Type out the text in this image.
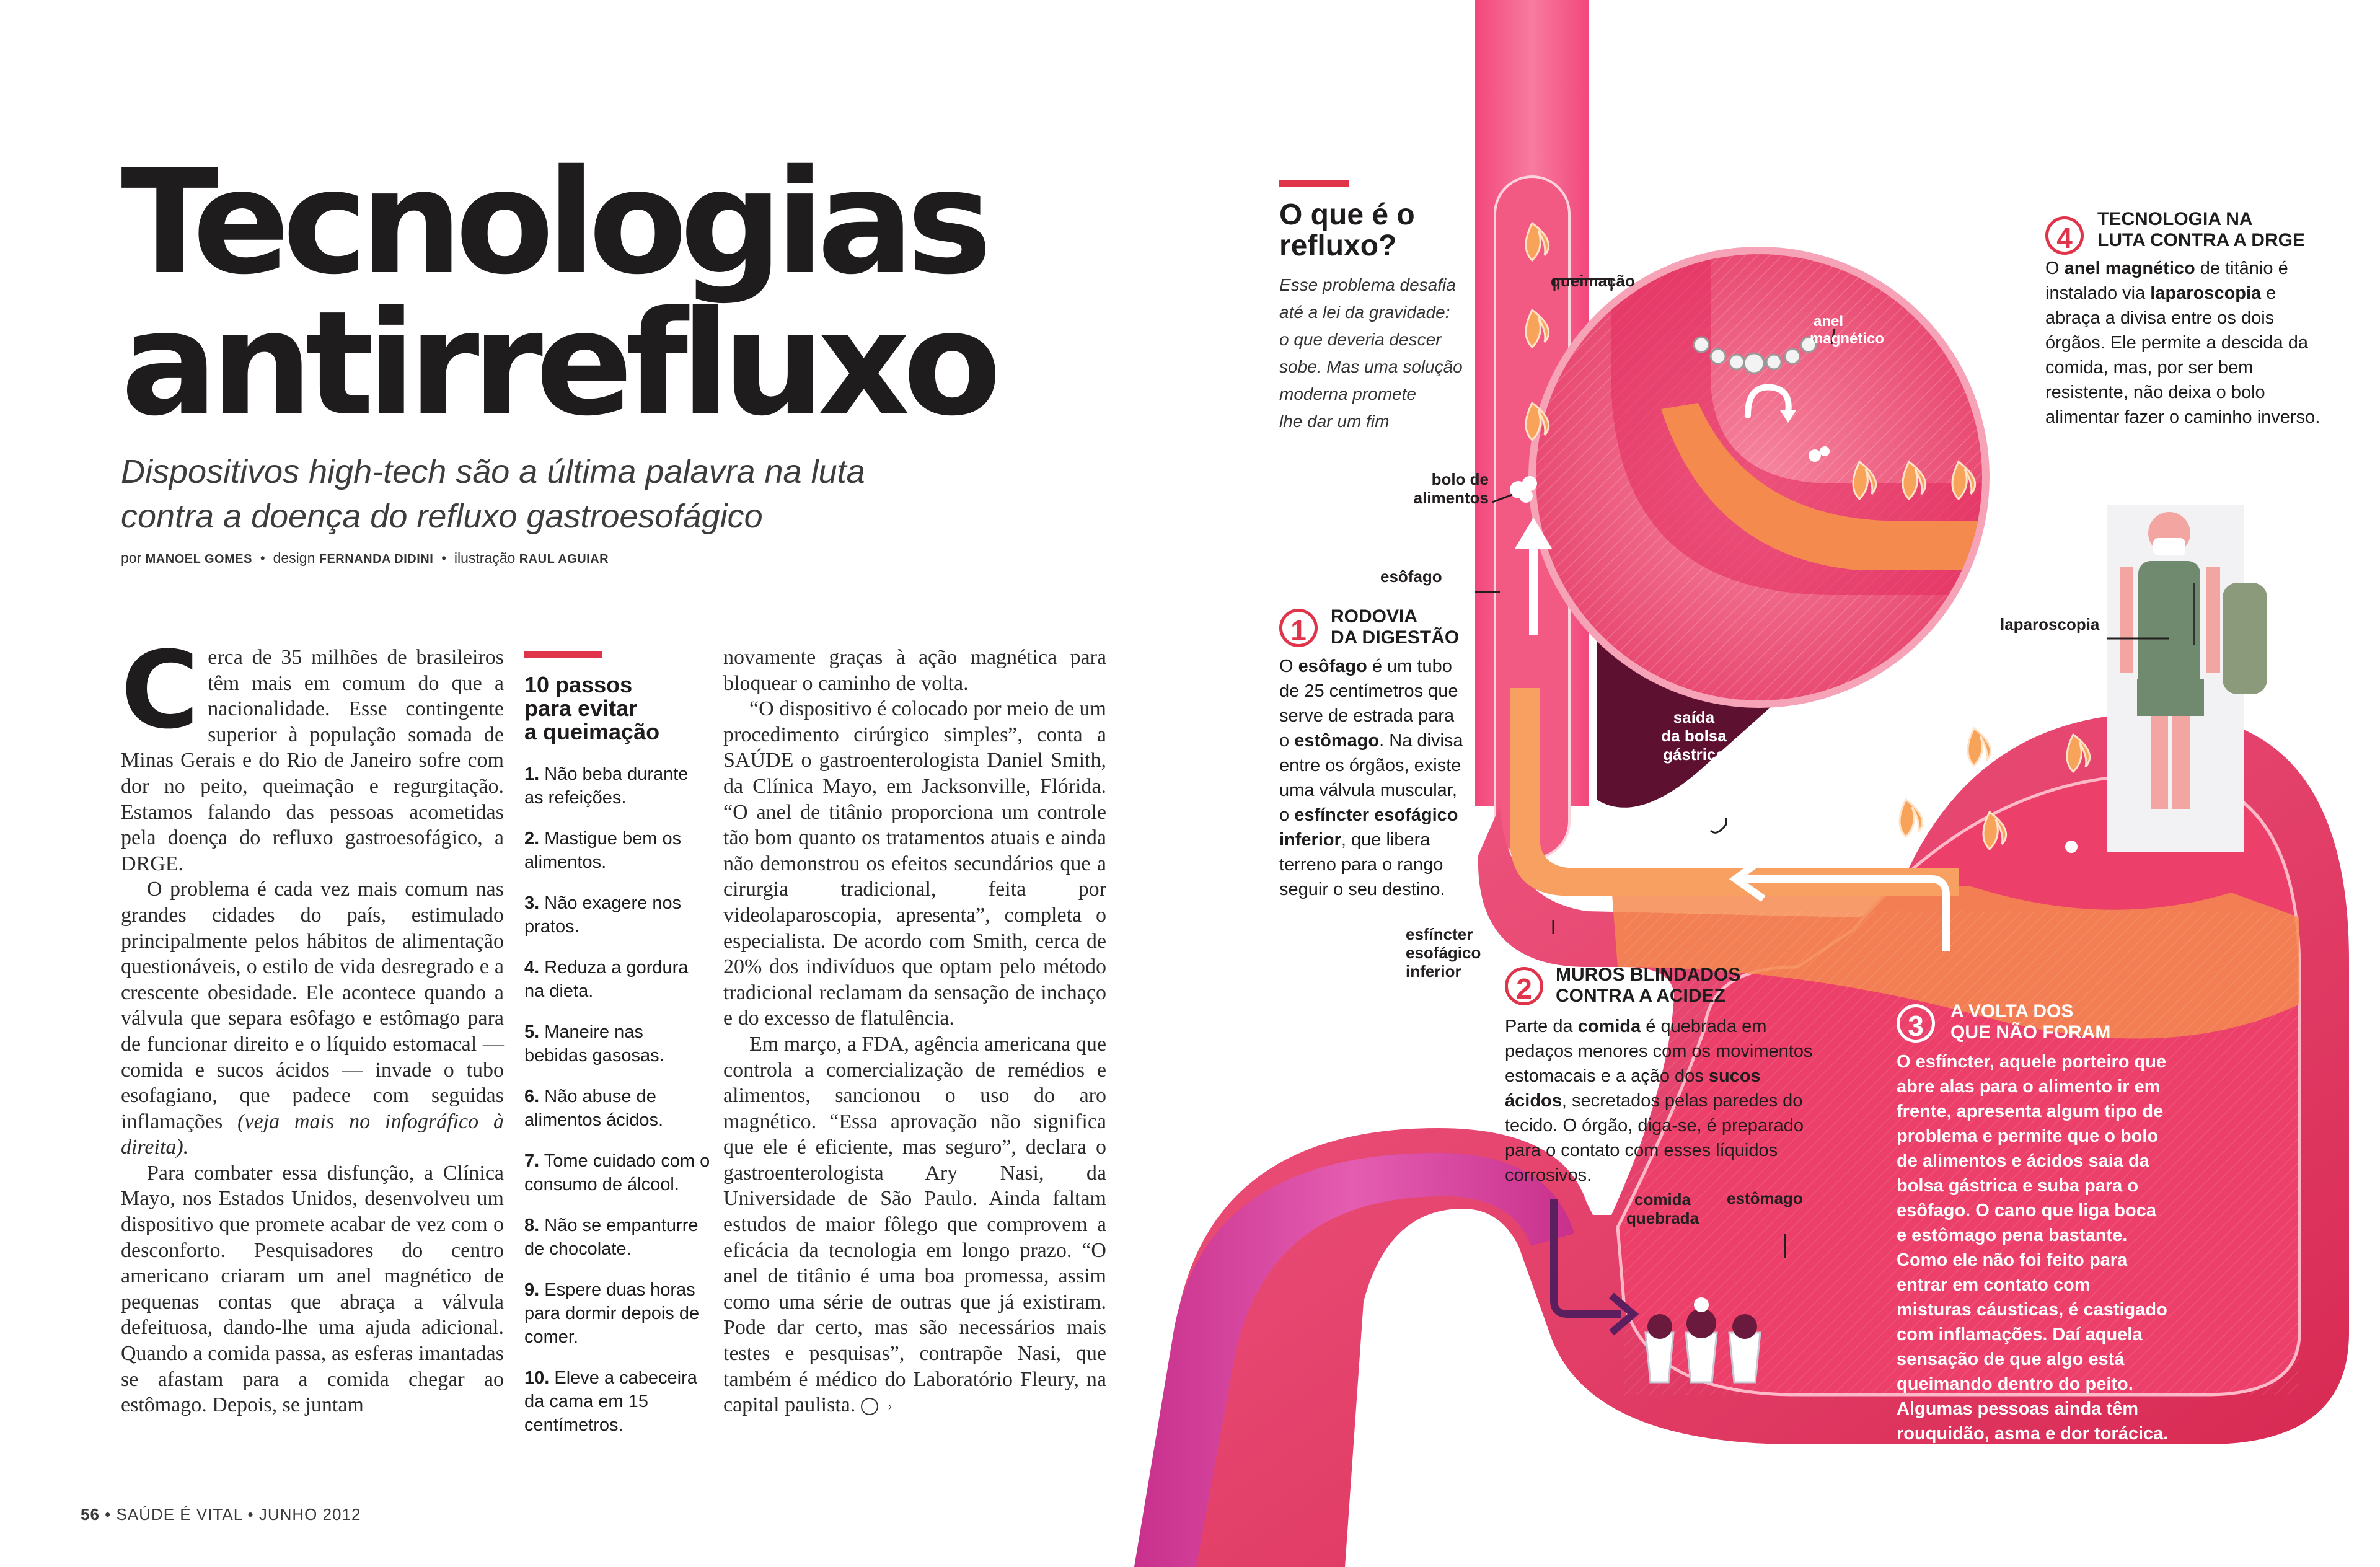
Tecnologias
antirrefluxo
Dispositivos high-tech são a última palavra na luta
contra a doença do refluxo gastroesofágico
por MANOEL GOMES • design FERNANDA DIDINI • ilustração RAUL AGUIAR

Cerca de 35 milhões de brasileiros têm mais em comum do que a nacionalidade. Esse contingente superior à população somada de Minas Gerais e do Rio de Janeiro sofre com dor no peito, queimação e regurgitação. Estamos falando das pessoas acometidas pela doença do refluxo gastroesofágico, a DRGE.

O problema é cada vez mais comum nas grandes cidades do país, estimulado principalmente pelos hábitos de alimentação questionáveis, o estilo de vida desregrado e a crescente obesidade. Ele acontece quando a válvula que separa esôfago e estômago para de funcionar direito e o líquido estomacal — comida e sucos ácidos — invade o tubo esofagiano, que padece com seguidas inflamações (veja mais no infográfico à direita).

Para combater essa disfunção, a Clínica Mayo, nos Estados Unidos, desenvolveu um dispositivo que promete acabar de vez com o desconforto. Pesquisadores do centro americano criaram um anel magnético de pequenas contas que abraça a válvula defeituosa, dando-lhe uma ajuda adicional. Quando a comida passa, as esferas imantadas se afastam para a comida chegar ao estômago. Depois, se juntam

10 passos
para evitar
a queimação
1. Não beba durante as refeições.
2. Mastigue bem os alimentos.
3. Não exagere nos pratos.
4. Reduza a gordura na dieta.
5. Maneire nas bebidas gasosas.
6. Não abuse de alimentos ácidos.
7. Tome cuidado com o consumo de álcool.
8. Não se empanturre de chocolate.
9. Espere duas horas para dormir depois de comer.
10. Eleve a cabeceira da cama em 15 centímetros.

novamente graças à ação magnética para bloquear o caminho de volta.

“O dispositivo é colocado por meio de um procedimento cirúrgico simples”, conta a SAÚDE o gastroenterologista Daniel Smith, da Clínica Mayo, em Jacksonville, Flórida. “O anel de titânio proporciona um controle tão bom quanto os tratamentos atuais e ainda não demonstrou os efeitos secundários que a cirurgia tradicional, feita por videolaparoscopia, apresenta”, completa o especialista. De acordo com Smith, cerca de 20% dos indivíduos que optam pelo método tradicional reclamam da sensação de inchaço e do excesso de flatulência.

Em março, a FDA, agência americana que controla a comercialização de remédios e alimentos, sancionou o uso do aro magnético. “Essa aprovação não significa que ele é eficiente, mas seguro”, declara o gastroenterologista Ary Nasi, da Universidade de São Paulo. Ainda faltam estudos de maior fôlego que comprovem a eficácia da tecnologia em longo prazo. “O anel de titânio é uma boa promessa, assim como uma série de outras que já existiram. Pode dar certo, mas são necessários mais testes e pesquisas”, contrapõe Nasi, que também é médico do Laboratório Fleury, na capital paulista.	›

56 • SAÚDE É VITAL • JUNHO 2012
O que é o
refluxo?

Esse problema desafia
até a lei da gravidade:
o que deveria descer
sobe. Mas uma solução
moderna promete
lhe dar um fim

queimação
anel
magnético
bolo de
alimentos
esôfago
saída
da bolsa
gástrica
esfíncter
esofágico
inferior
laparoscopia
comida
quebrada
estômago
1	RODOVIA
DA DIGESTÃO
O esôfago é um tubo de 25 centímetros que serve de estrada para o estômago. Na divisa entre os órgãos, existe uma válvula muscular, o esfíncter esofágico inferior, que libera terreno para o rango seguir o seu destino.
2	MUROS BLINDADOS
CONTRA A ACIDEZ
Parte da comida é quebrada em pedaços menores com os movimentos estomacais e a ação dos sucos ácidos, secretados pelas paredes do tecido. O órgão, diga-se, é preparado para o contato com esses líquidos corrosivos.
3	A VOLTA DOS
QUE NÃO FORAM
O esfíncter, aquele porteiro que abre alas para o alimento ir em frente, apresenta algum tipo de problema e permite que o bolo de alimentos e ácidos saia da bolsa gástrica e suba para o esôfago. O cano que liga boca e estômago pena bastante. Como ele não foi feito para entrar em contato com misturas cáusticas, é castigado com inflamações. Daí aquela sensação de que algo está queimando dentro do peito. Algumas pessoas ainda têm rouquidão, asma e dor torácica.
4
TECNOLOGIA NA
LUTA CONTRA A DRGE
O anel magnético de titânio é instalado via laparoscopia e abraça a divisa entre os dois órgãos. Ele permite a descida da comida, mas, por ser bem resistente, não deixa o bolo alimentar fazer o caminho inverso.
